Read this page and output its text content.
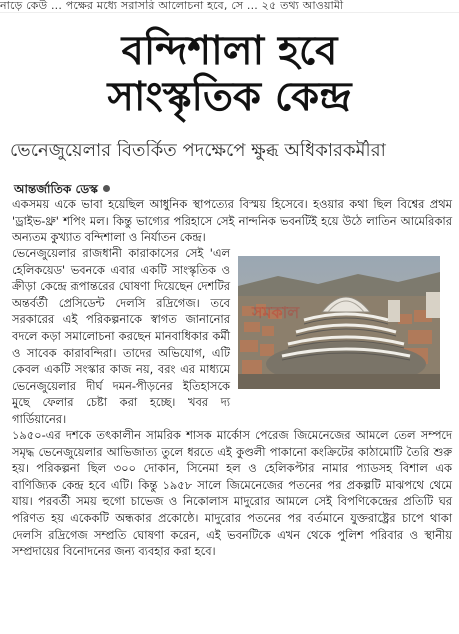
নাড়ে কেউ ... পক্ষের মধ্যে সরাসরি আলোচনা হবে, সে ... ২৫ তথ্য আওয়ামী
বন্দিশালা হবে
সাংস্কৃতিক কেন্দ্র
ভেনেজুয়েলার বিতর্কিত পদক্ষেপে ক্ষুব্ধ অধিকারকর্মীরা
আন্তর্জাতিক ডেস্ক
একসময় একে ভাবা হয়েছিল আধুনিক স্থাপত্যের বিস্ময় হিসেবে। হওয়ার কথা ছিল বিশ্বের প্রথম 'ড্রাইভ-থ্রু' শপিং মল। কিন্তু ভাগ্যের পরিহাসে সেই নান্দনিক ভবনটিই হয়ে উঠে লাতিন আমেরিকার অন্যতম কুখ্যাত বন্দিশালা ও নির্যাতন কেন্দ্র।
ভেনেজুয়েলার রাজধানী কারাকাসের সেই 'এল হেলিকয়েড' ভবনকে এবার একটি সাংস্কৃতিক ও ক্রীড়া কেন্দ্রে রূপান্তরের ঘোষণা দিয়েছেন দেশটির অন্তর্বর্তী প্রেসিডেন্ট দেলসি রদ্রিগেজ। তবে সরকারের এই পরিকল্পনাকে স্বাগত জানানোর বদলে কড়া সমালোচনা করছেন মানবাধিকার কর্মী ও সাবেক কারাবন্দিরা। তাদের অভিযোগ, এটি কেবল একটি সংস্কার কাজ নয়, বরং এর মাধ্যমে ভেনেজুয়েলার দীর্ঘ দমন-পীড়নের ইতিহাসকে মুছে ফেলার চেষ্টা করা হচ্ছে। খবর দ্য গার্ডিয়ানের।
সমকাল
১৯৫০-এর দশকে তৎকালীন সামরিক শাসক মার্কোস পেরেজ জিমেনেজের আমলে তেল সম্পদে সমৃদ্ধ ভেনেজুয়েলার আভিজাত্য তুলে ধরতে এই কুণ্ডলী পাকানো কংক্রিটের কাঠামোটি তৈরি শুরু হয়। পরিকল্পনা ছিল ৩০০ দোকান, সিনেমা হল ও হেলিকপ্টার নামার প্যাডসহ বিশাল এক বাণিজ্যিক কেন্দ্র হবে এটি। কিন্তু ১৯৫৮ সালে জিমেনেজের পতনের পর প্রকল্পটি মাঝপথে থেমে যায়। পরবর্তী সময় হুগো চাভেজ ও নিকোলাস মাদুরোর আমলে সেই বিপণিকেন্দ্রের প্রতিটি ঘর পরিণত হয় একেকটি অন্ধকার প্রকোষ্ঠে। মাদুরোর পতনের পর বর্তমানে যুক্তরাষ্ট্রের চাপে থাকা দেলসি রদ্রিগেজ সম্প্রতি ঘোষণা করেন, এই ভবনটিকে এখন থেকে পুলিশ পরিবার ও স্থানীয় সম্প্রদায়ের বিনোদনের জন্য ব্যবহার করা হবে।
